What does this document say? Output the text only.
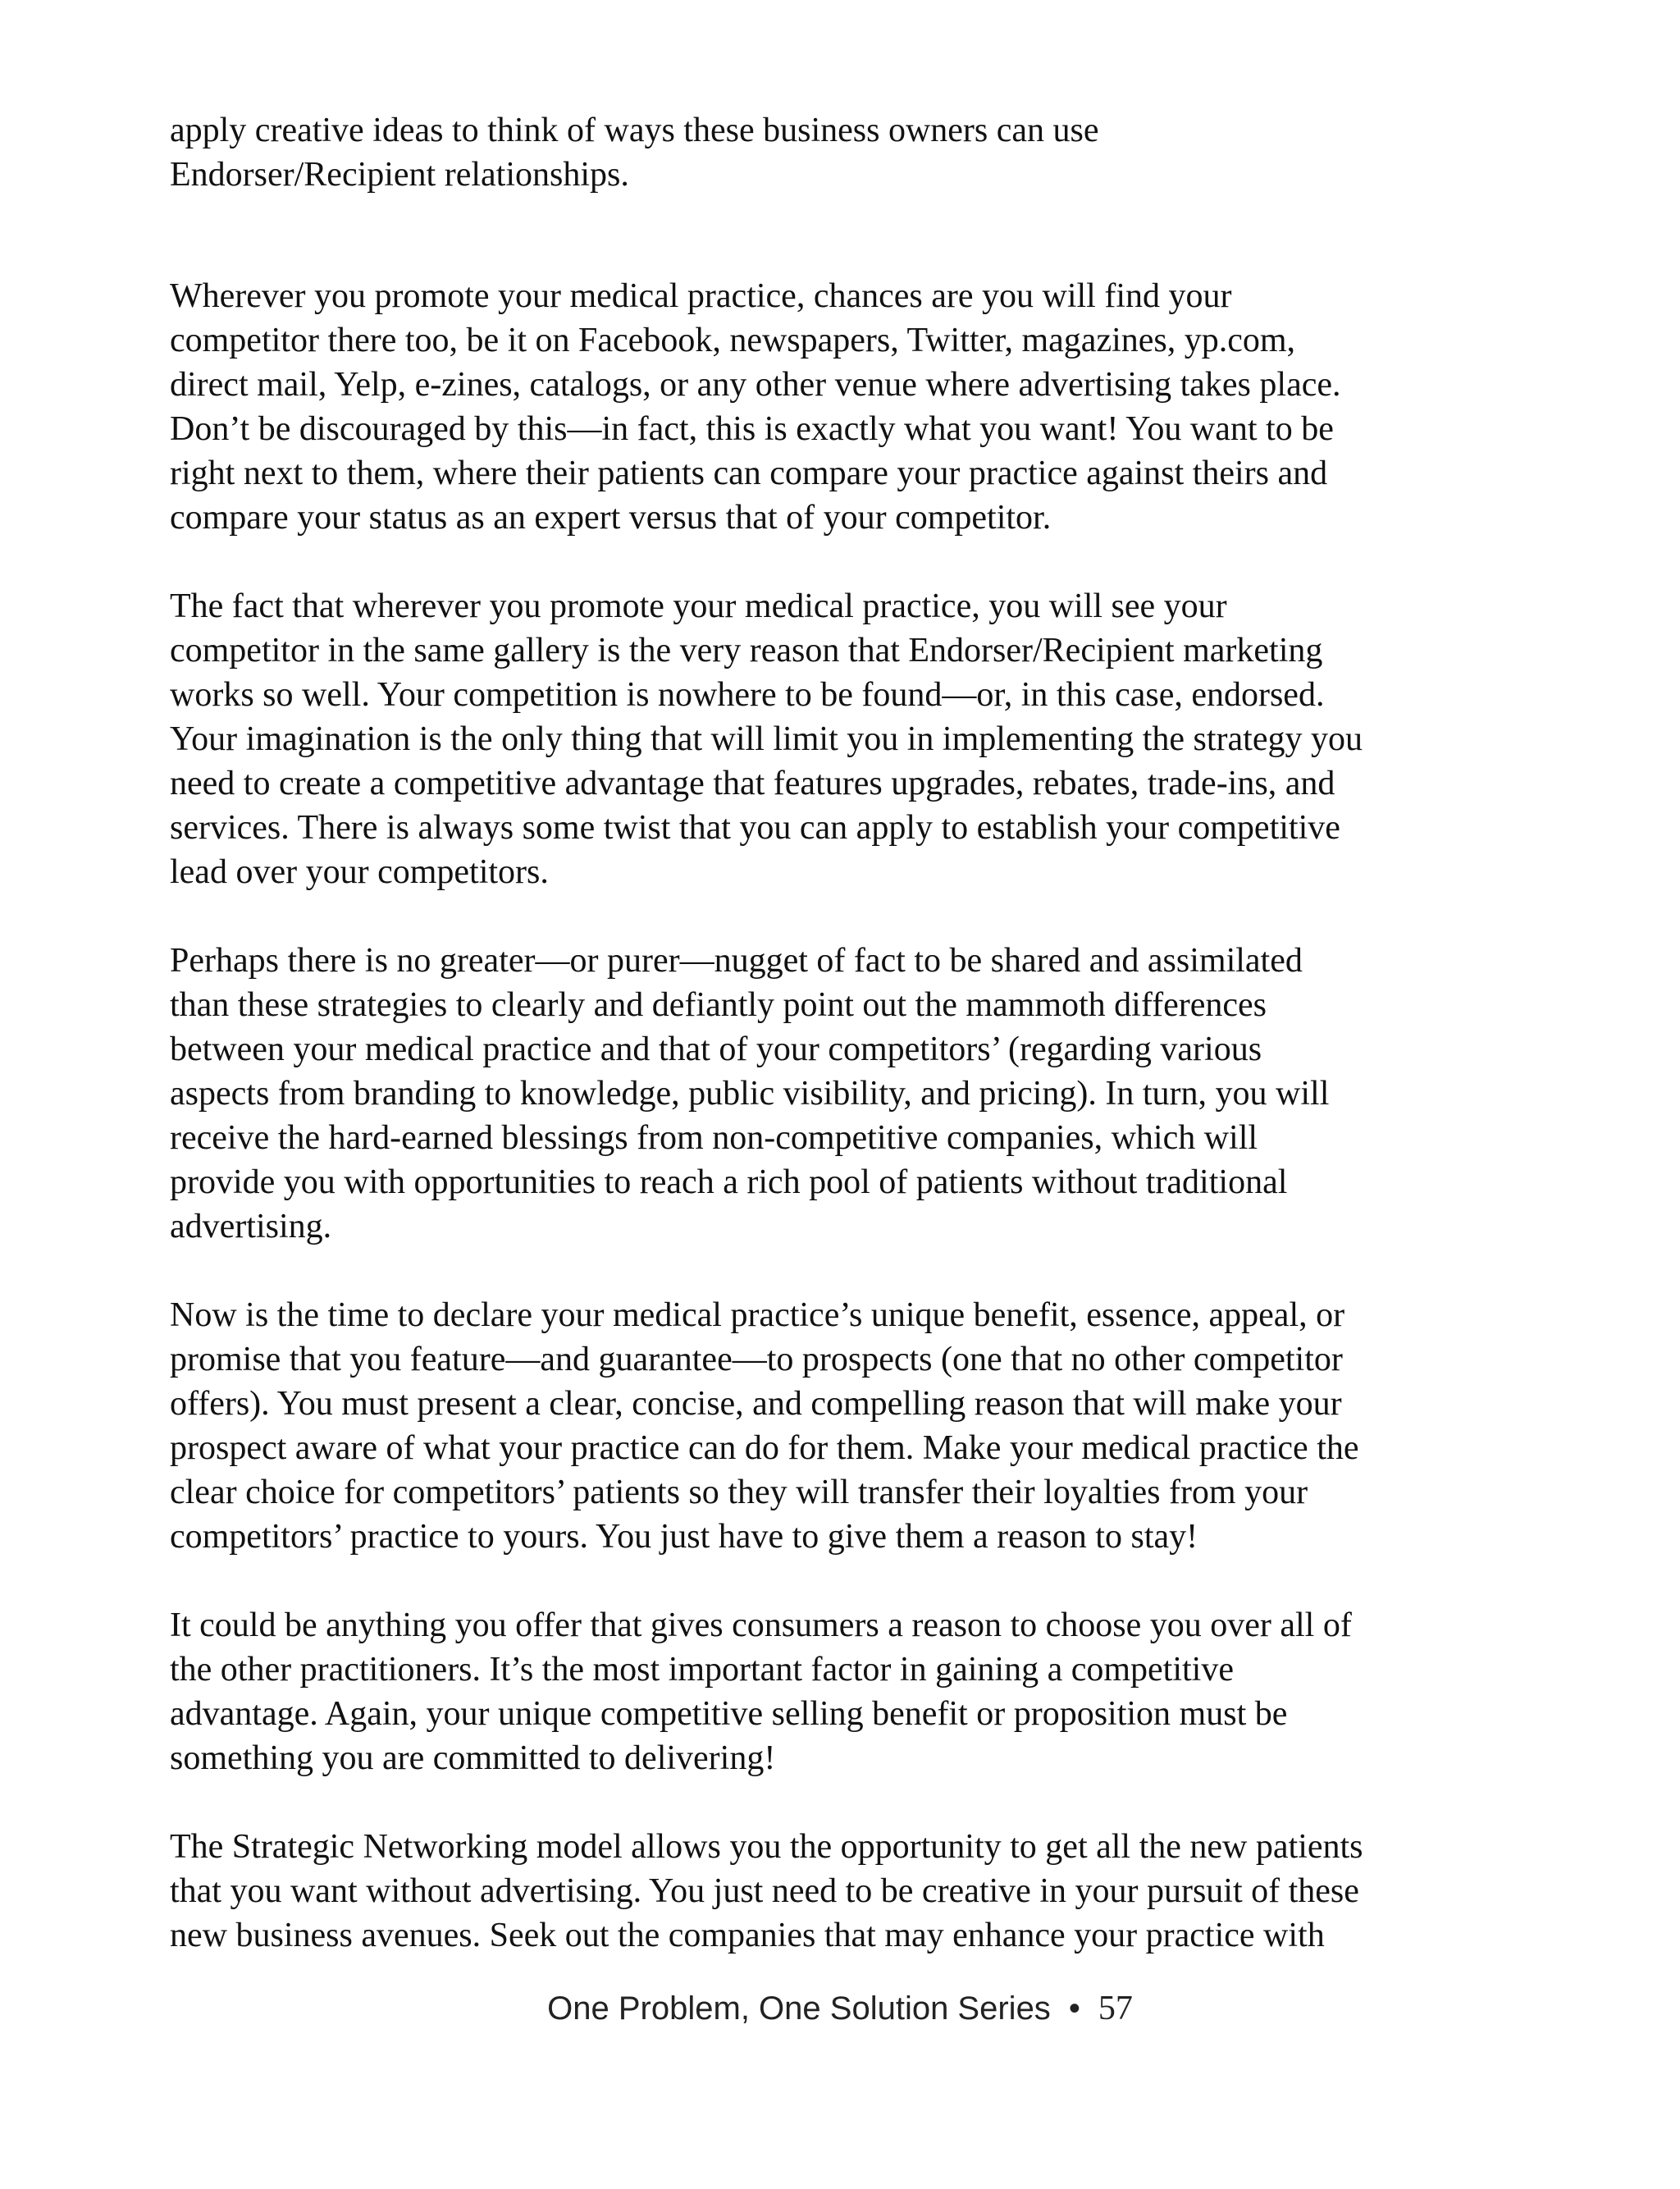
apply creative ideas to think of ways these business owners can use
Endorser/Recipient relationships.
Wherever you promote your medical practice, chances are you will find your
competitor there too, be it on Facebook, newspapers, Twitter, magazines, yp.com,
direct mail, Yelp, e-zines, catalogs, or any other venue where advertising takes place.
Don’t be discouraged by this—in fact, this is exactly what you want! You want to be
right next to them, where their patients can compare your practice against theirs and
compare your status as an expert versus that of your competitor.
The fact that wherever you promote your medical practice, you will see your
competitor in the same gallery is the very reason that Endorser/Recipient marketing
works so well. Your competition is nowhere to be found—or, in this case, endorsed.
Your imagination is the only thing that will limit you in implementing the strategy you
need to create a competitive advantage that features upgrades, rebates, trade-ins, and
services. There is always some twist that you can apply to establish your competitive
lead over your competitors.
Perhaps there is no greater—or purer—nugget of fact to be shared and assimilated
than these strategies to clearly and defiantly point out the mammoth differences
between your medical practice and that of your competitors’ (regarding various
aspects from branding to knowledge, public visibility, and pricing). In turn, you will
receive the hard-earned blessings from non-competitive companies, which will
provide you with opportunities to reach a rich pool of patients without traditional
advertising.
Now is the time to declare your medical practice’s unique benefit, essence, appeal, or
promise that you feature—and guarantee—to prospects (one that no other competitor
offers). You must present a clear, concise, and compelling reason that will make your
prospect aware of what your practice can do for them. Make your medical practice the
clear choice for competitors’ patients so they will transfer their loyalties from your
competitors’ practice to yours. You just have to give them a reason to stay!
It could be anything you offer that gives consumers a reason to choose you over all of
the other practitioners. It’s the most important factor in gaining a competitive
advantage. Again, your unique competitive selling benefit or proposition must be
something you are committed to delivering!
The Strategic Networking model allows you the opportunity to get all the new patients
that you want without advertising. You just need to be creative in your pursuit of these
new business avenues. Seek out the companies that may enhance your practice with
One Problem, One Solution Series • 57
